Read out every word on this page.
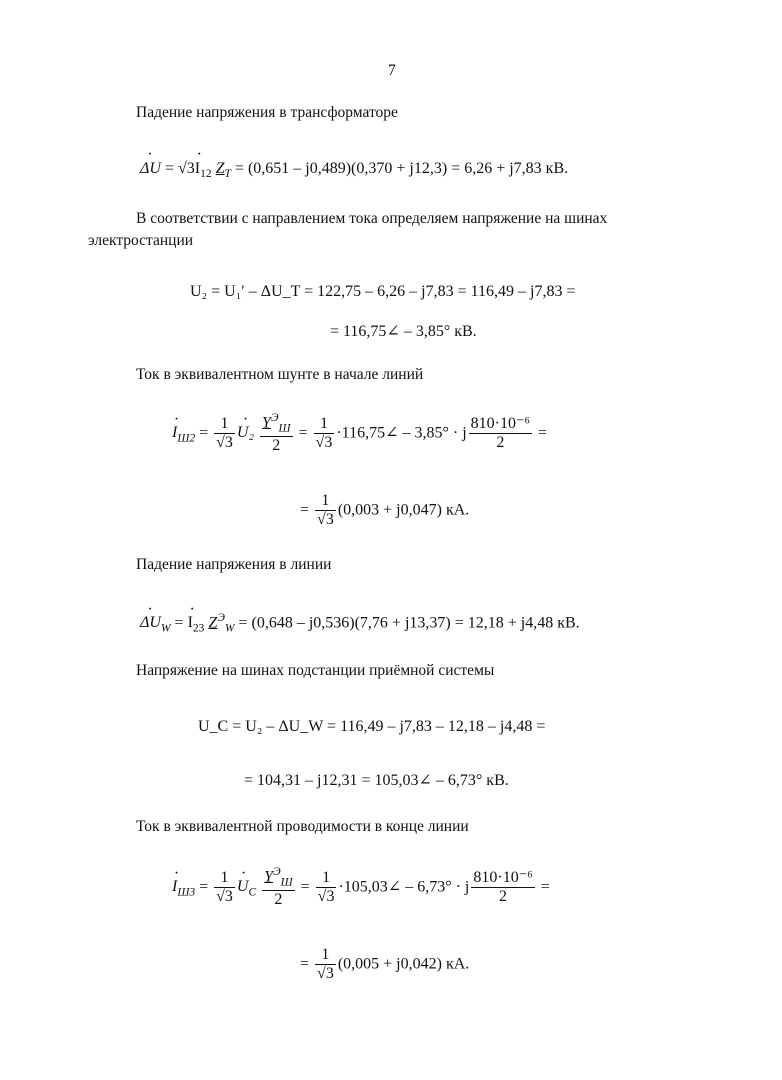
7
Падение напряжения в трансформаторе
· $\Delta U = √3\cdot I_{12}$ $Z_T = (0,651 - j0,489)(0,370 + j12,3) = 6,26 + j7,83$ кВ.
В соответствии с направлением тока определяем напряжение на шинах
электростанции
U₂ = U₁′ – ΔU_T = 122,75 – 6,26 – j7,83 = 116,49 – j7,83 =
= 116,75∠ – 3,85° кВ.
Ток в эквивалентном шунте в начале линий
· $I_{Ш2} = \frac{1}{√3}$
· $U_2 \frac{Y^Э_Ш}{2} = \frac{1}{√3}$ ·116,75∠ – 3,85° · j $\frac{\text{810·10⁻⁶}}{2}$ =
= $\frac{1}{√3} (0,003 + j0,047)$ кА.
Падение напряжения в линии
· $\Delta U_W$ = · $I_{23}$ $Z^Э_W = (0,648 - j0,536)(7,76 + j13,37) = 12,18 + j4,48$ кВ.
Напряжение на шинах подстанции приёмной системы
U_C = U₂ – ΔU_W = 116,49 – j7,83 – 12,18 – j4,48 =
= 104,31 – j12,31 = 105,03∠ – 6,73° кВ.
Ток в эквивалентной проводимости в конце линии
· $I_{Ш3} = \frac{1}{√3}$
· $U_C \frac{Y^Э_Ш}{2} = \frac{1}{√3}$ ·105,03∠ – 6,73° · j $\frac{\text{810·10⁻⁶}}{2}$ =
= $\frac{1}{√3} (0,005 + j0,042)$ кА.
